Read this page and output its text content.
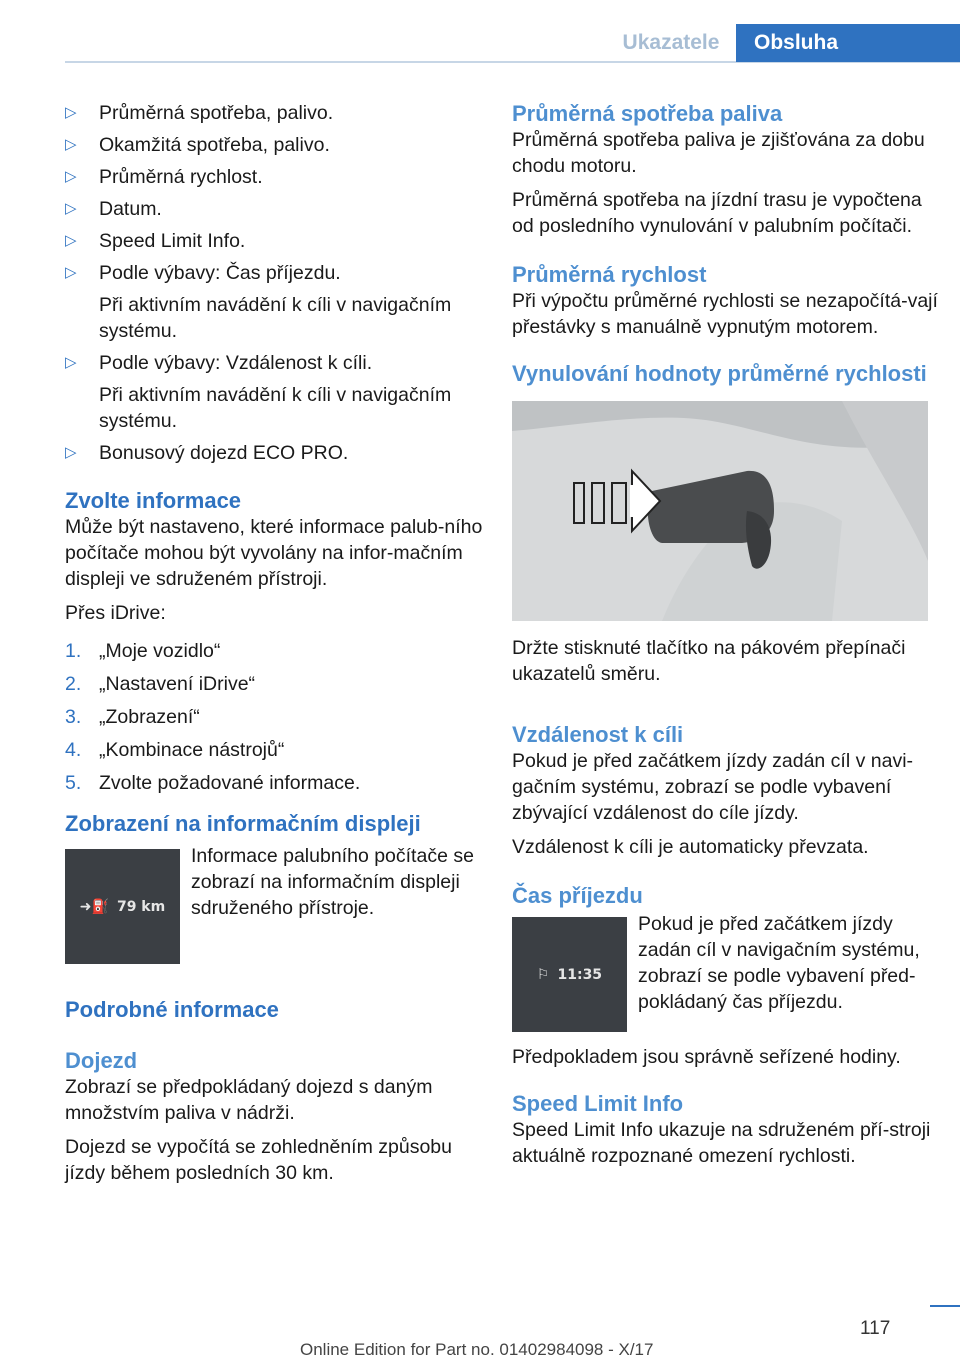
Ukazatele	Obsluha
▷ Průměrná spotřeba, palivo.
▷ Okamžitá spotřeba, palivo.
▷ Průměrná rychlost.
▷ Datum.
▷ Speed Limit Info.
▷ Podle výbavy: Čas příjezdu.
Při aktivním navádění k cíli v navigačním systému.
▷ Podle výbavy: Vzdálenost k cíli.
Při aktivním navádění k cíli v navigačním systému.
▷ Bonusový dojezd ECO PRO.
Zvolte informace

Může být nastaveno, které informace palub‐ního počítače mohou být vyvolány na infor‐mačním displeji ve sdruženém přístroji.

Přes iDrive:

1. „Moje vozidlo“
2. „Nastavení iDrive“
3. „Zobrazení“
4. „Kombinace nástrojů“
5. Zvolte požadované informace.
Zobrazení na informačním displeji
➜⛽ 79 km

Informace palubního počítače se zobrazí na informačním displeji sdruženého přístroje.

Podrobné informace
Dojezd

Zobrazí se předpokládaný dojezd s daným množstvím paliva v nádrži.

Dojezd se vypočítá se zohledněním způsobu jízdy během posledních 30 km.

Průměrná spotřeba paliva

Průměrná spotřeba paliva je zjišťována za dobu chodu motoru.

Průměrná spotřeba na jízdní trasu je vypočtena od posledního vynulování v palubním počítači.

Průměrná rychlost

Při výpočtu průměrné rychlosti se nezapočítá‐vají přestávky s manuálně vypnutým motorem.

Vynulování hodnoty průměrné rychlosti

Držte stisknuté tlačítko na pákovém přepínači ukazatelů směru.

Vzdálenost k cíli

Pokud je před začátkem jízdy zadán cíl v navi‐gačním systému, zobrazí se podle vybavení zbývající vzdálenost do cíle jízdy.

Vzdálenost k cíli je automaticky převzata.

Čas příjezdu
⚐ 11:35

Pokud je před začátkem jízdy zadán cíl v navigačním systému, zobrazí se podle vybavení před‐pokládaný čas příjezdu.

Předpokladem jsou správně seřízené hodiny.

Speed Limit Info

Speed Limit Info ukazuje na sdruženém pří‐stroji aktuálně rozpoznané omezení rychlosti.

117
Online Edition for Part no. 01402984098 - X/17
